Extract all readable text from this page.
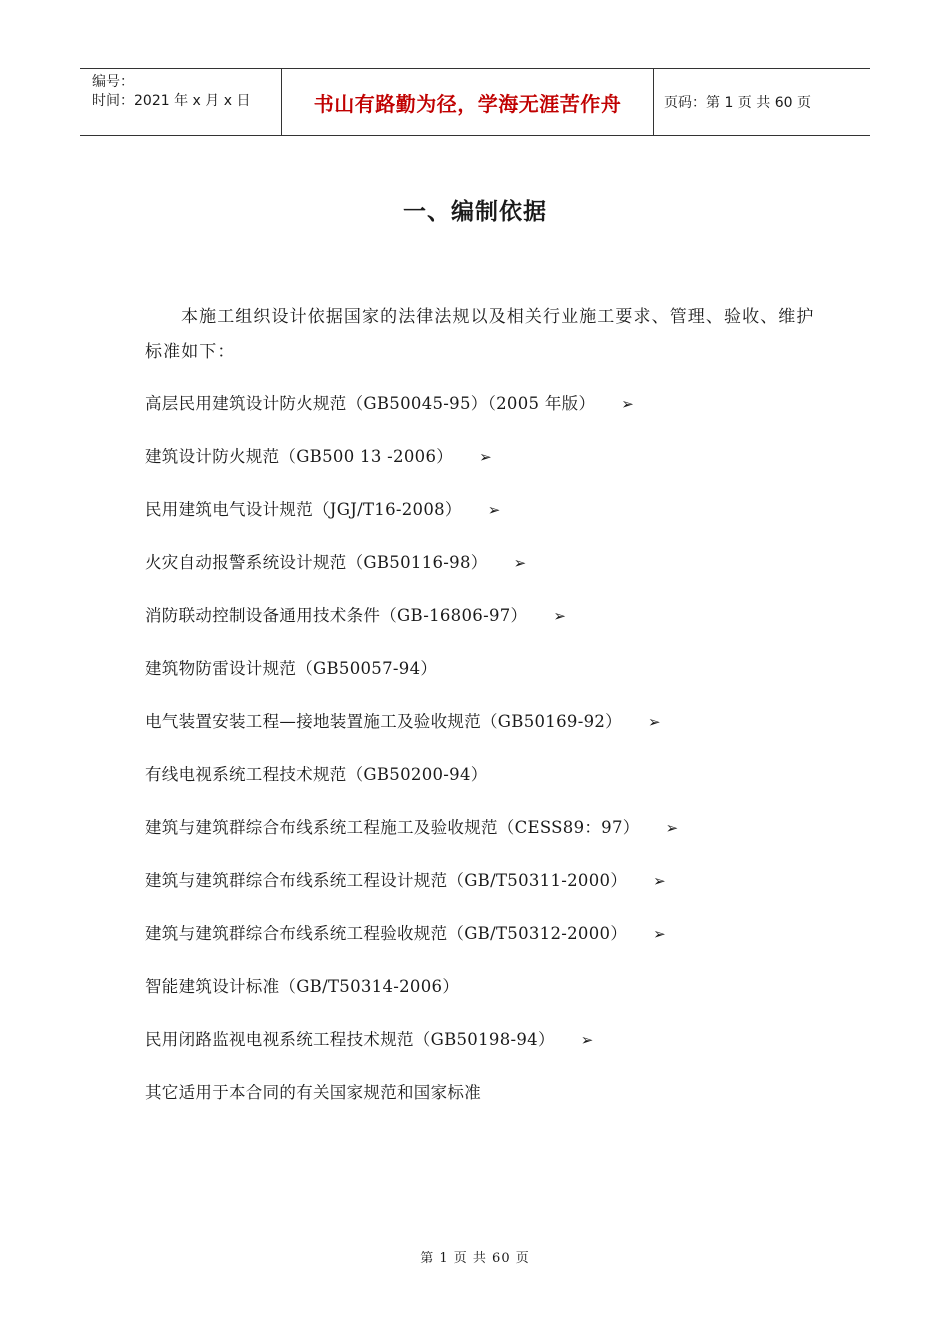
编号：
时间：2021 年 x 月 x 日	书山有路勤为径，学海无涯苦作舟	页码：第 1 页 共 60 页
一、编制依据

本施工组织设计依据国家的法律法规以及相关行业施工要求、管理、验收、维护标准如下：

高层民用建筑设计防火规范（GB50045-95）（2005 年版） ➢
建筑设计防火规范（GB500 13 -2006） ➢
民用建筑电气设计规范（JGJ/T16-2008） ➢
火灾自动报警系统设计规范（GB50116-98） ➢
消防联动控制设备通用技术条件（GB-16806-97） ➢
建筑物防雷设计规范（GB50057-94）
电气装置安装工程—接地装置施工及验收规范（GB50169-92） ➢
有线电视系统工程技术规范（GB50200-94）
建筑与建筑群综合布线系统工程施工及验收规范（CESS89：97） ➢
建筑与建筑群综合布线系统工程设计规范（GB/T50311-2000） ➢
建筑与建筑群综合布线系统工程验收规范（GB/T50312-2000） ➢
智能建筑设计标准（GB/T50314-2006）
民用闭路监视电视系统工程技术规范（GB50198-94） ➢
其它适用于本合同的有关国家规范和国家标准
第 1 页 共 60 页
